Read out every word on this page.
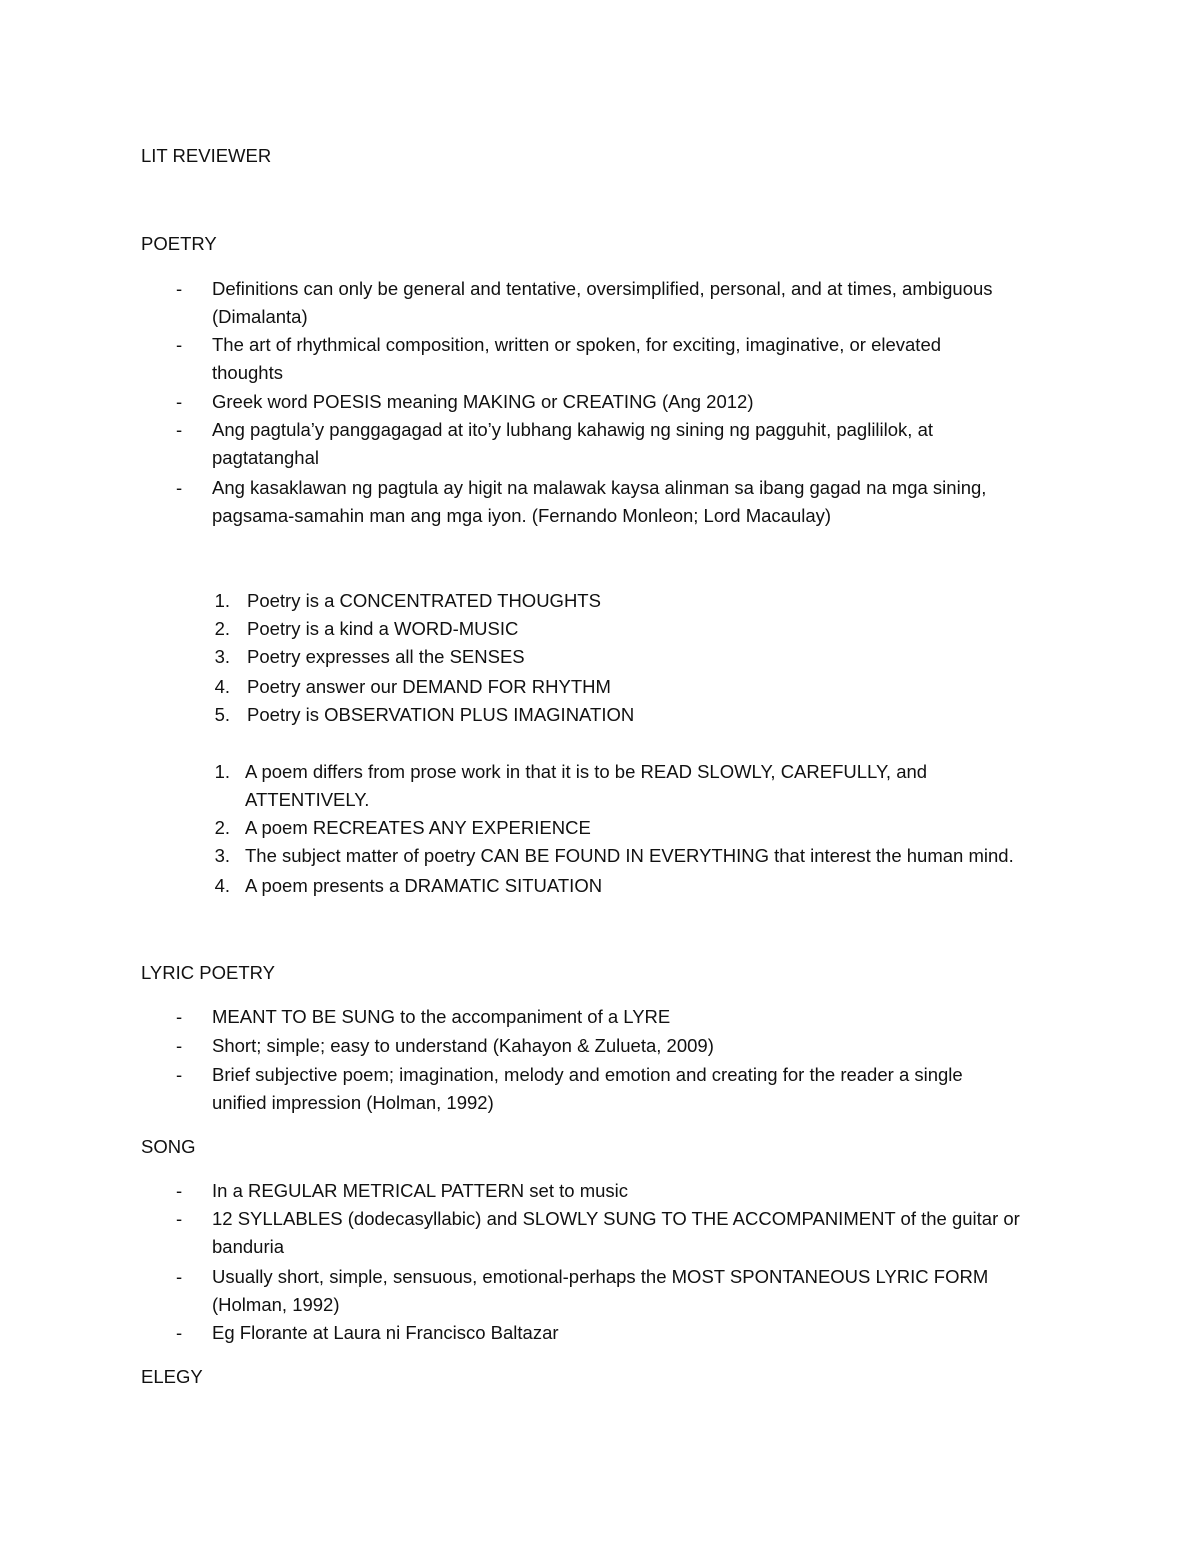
LIT REVIEWER
POETRY
- Definitions can only be general and tentative, oversimplified, personal, and at times, ambiguous
(Dimalanta)
- The art of rhythmical composition, written or spoken, for exciting, imaginative, or elevated
thoughts
- Greek word POESIS meaning MAKING or CREATING (Ang 2012)
- Ang pagtula’y panggagagad at ito’y lubhang kahawig ng sining ng pagguhit, paglililok, at
pagtatanghal
- Ang kasaklawan ng pagtula ay higit na malawak kaysa alinman sa ibang gagad na mga sining,
pagsama-samahin man ang mga iyon. (Fernando Monleon; Lord Macaulay)
1. Poetry is a CONCENTRATED THOUGHTS
2. Poetry is a kind a WORD-MUSIC
3. Poetry expresses all the SENSES
4. Poetry answer our DEMAND FOR RHYTHM
5. Poetry is OBSERVATION PLUS IMAGINATION
1. A poem differs from prose work in that it is to be READ SLOWLY, CAREFULLY, and
ATTENTIVELY.
2. A poem RECREATES ANY EXPERIENCE
3. The subject matter of poetry CAN BE FOUND IN EVERYTHING that interest the human mind.
4. A poem presents a DRAMATIC SITUATION
LYRIC POETRY
- MEANT TO BE SUNG to the accompaniment of a LYRE
- Short; simple; easy to understand (Kahayon & Zulueta, 2009)
- Brief subjective poem; imagination, melody and emotion and creating for the reader a single
unified impression (Holman, 1992)
SONG
- In a REGULAR METRICAL PATTERN set to music
- 12 SYLLABLES (dodecasyllabic) and SLOWLY SUNG TO THE ACCOMPANIMENT of the guitar or
banduria
- Usually short, simple, sensuous, emotional-perhaps the MOST SPONTANEOUS LYRIC FORM
(Holman, 1992)
- Eg Florante at Laura ni Francisco Baltazar
ELEGY
